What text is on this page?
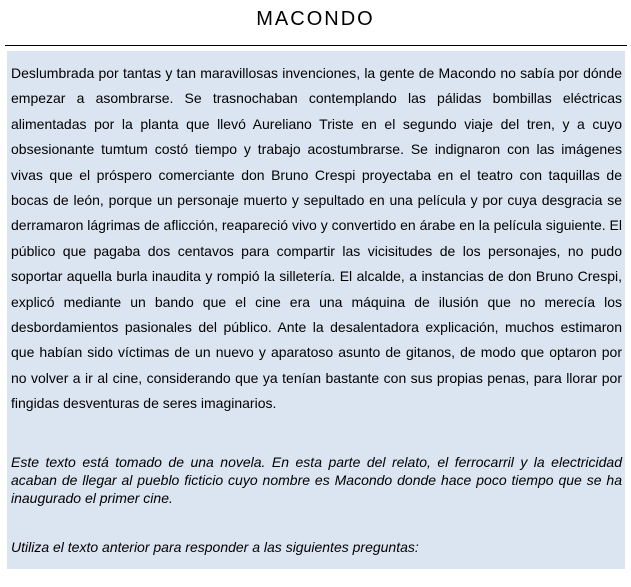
MACONDO

Deslumbrada por tantas y tan maravillosas invenciones, la gente de Macondo no sabía por dónde empezar a asombrarse. Se trasnochaban contemplando las pálidas bombillas eléctricas alimentadas por la planta que llevó Aureliano Triste en el segundo viaje del tren, y a cuyo obsesionante tumtum costó tiempo y trabajo acostumbrarse. Se indignaron con las imágenes vivas que el próspero comerciante don Bruno Crespi proyectaba en el teatro con taquillas de bocas de león, porque un personaje muerto y sepultado en una película y por cuya desgracia se derramaron lágrimas de aflicción, reapareció vivo y convertido en árabe en la película siguiente. El público que pagaba dos centavos para compartir las vicisitudes de los personajes, no pudo soportar aquella burla inaudita y rompió la silletería. El alcalde, a instancias de don Bruno Crespi, explicó mediante un bando que el cine era una máquina de ilusión que no merecía los desbordamientos pasionales del público. Ante la desalentadora explicación, muchos estimaron que habían sido víctimas de un nuevo y aparatoso asunto de gitanos, de modo que optaron por no volver a ir al cine, considerando que ya tenían bastante con sus propias penas, para llorar por fingidas desventuras de seres imaginarios.

Este texto está tomado de una novela. En esta parte del relato, el ferrocarril y la electricidad acaban de llegar al pueblo ficticio cuyo nombre es Macondo donde hace poco tiempo que se ha inaugurado el primer cine.

Utiliza el texto anterior para responder a las siguientes preguntas:
